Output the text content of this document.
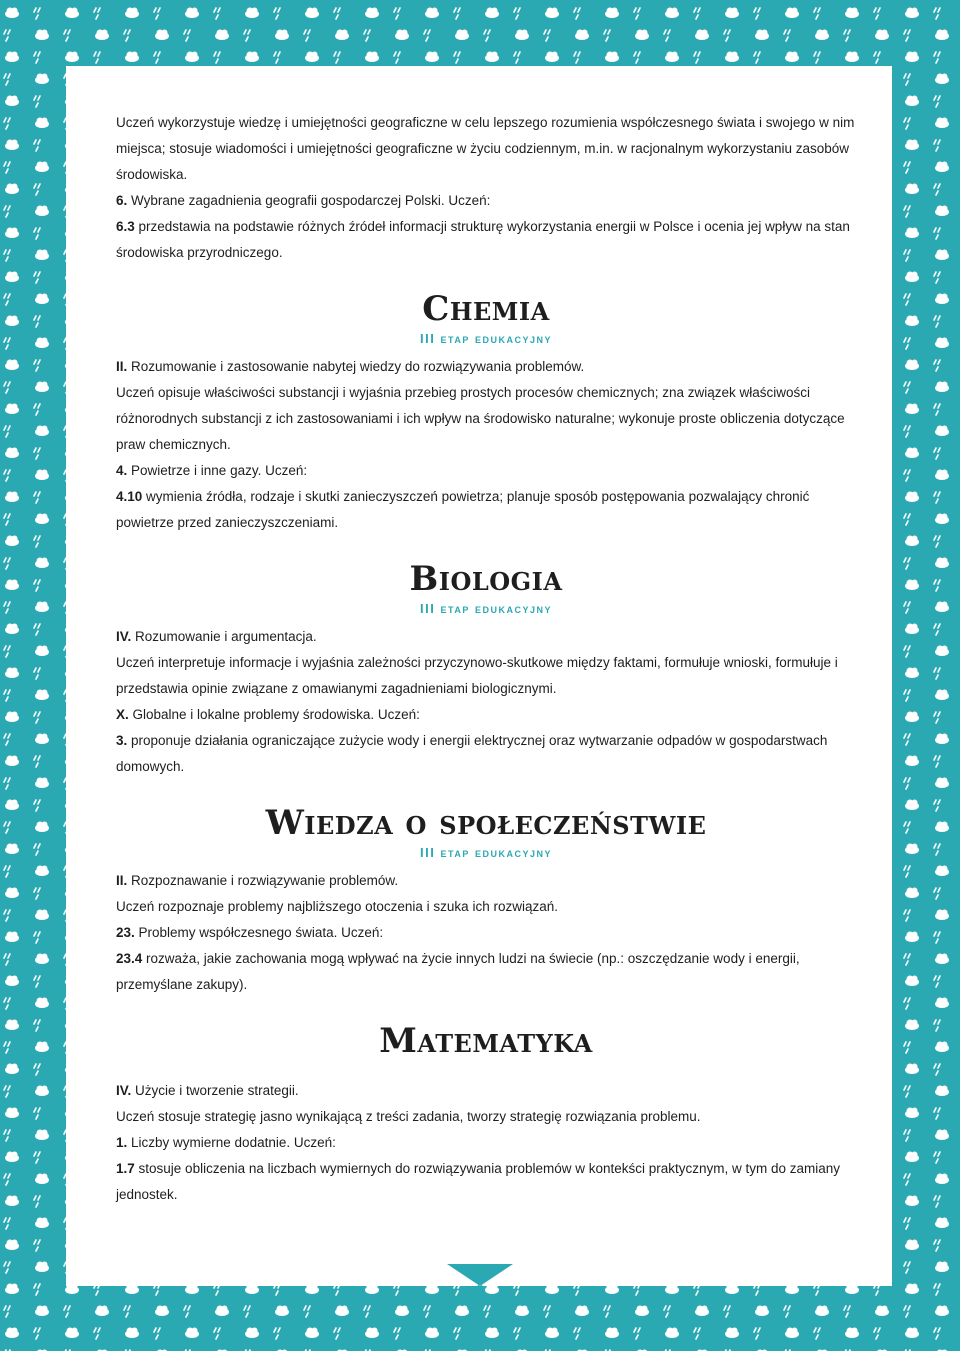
Uczeń wykorzystuje wiedzę i umiejętności geograficzne w celu lepszego rozumienia współczesnego świata i swojego w nim miejsca; stosuje wiadomości i umiejętności geograficzne w życiu codziennym, m.in. w racjonalnym wykorzystaniu zasobów środowiska.

6. Wybrane zagadnienia geografii gospodarczej Polski. Uczeń:

6.3 przedstawia na podstawie różnych źródeł informacji strukturę wykorzystania energii w Polsce i ocenia jej wpływ na stan środowiska przyrodniczego.

Chemia
III etap edukacyjny

II. Rozumowanie i zastosowanie nabytej wiedzy do rozwiązywania problemów.

Uczeń opisuje właściwości substancji i wyjaśnia przebieg prostych procesów chemicznych; zna związek właściwości różnorodnych substancji z ich zastosowaniami i ich wpływ na środowisko naturalne; wykonuje proste obliczenia dotyczące praw chemicznych.

4. Powietrze i inne gazy. Uczeń:

4.10 wymienia źródła, rodzaje i skutki zanieczyszczeń powietrza; planuje sposób postępowania pozwalający chronić powietrze przed zanieczyszczeniami.

Biologia
III etap edukacyjny

IV. Rozumowanie i argumentacja.

Uczeń interpretuje informacje i wyjaśnia zależności przyczynowo-skutkowe między faktami, formułuje wnioski, formułuje i przedstawia opinie związane z omawianymi zagadnieniami biologicznymi.

X. Globalne i lokalne problemy środowiska. Uczeń:

3. proponuje działania ograniczające zużycie wody i energii elektrycznej oraz wytwarzanie odpadów w gospodarstwach domowych.

Wiedza o społeczeństwie
III etap edukacyjny

II. Rozpoznawanie i rozwiązywanie problemów.

Uczeń rozpoznaje problemy najbliższego otoczenia i szuka ich rozwiązań.

23. Problemy współczesnego świata. Uczeń:

23.4 rozważa, jakie zachowania mogą wpływać na życie innych ludzi na świecie (np.: oszczędzanie wody i energii, przemyślane zakupy).

Matematyka

IV. Użycie i tworzenie strategii.

Uczeń stosuje strategię jasno wynikającą z treści zadania, tworzy strategię rozwiązania problemu.

1. Liczby wymierne dodatnie. Uczeń:

1.7 stosuje obliczenia na liczbach wymiernych do rozwiązywania problemów w kontekści praktycznym, w tym do zamiany jednostek.

2
